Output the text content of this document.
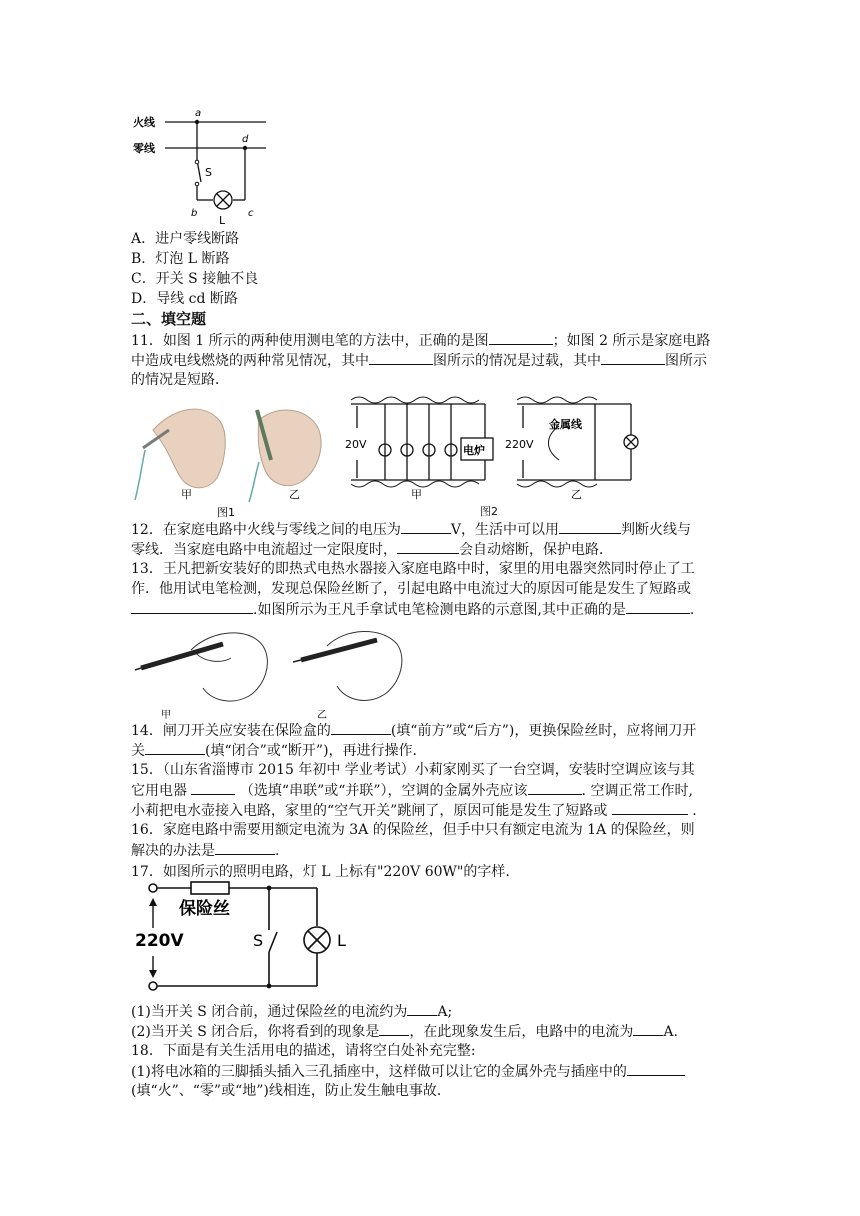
火线
零线
a
d
S
b	c
L
A．进户零线断路
B．灯泡 L 断路
C．开关 S 接触不良
D．导线 cd 断路
二、填空题
11．如图 1 所示的两种使用测电笔的方法中，正确的是图	；如图 2 所示是家庭电路
中造成电线燃烧的两种常见情况，其中	图所示的情况是过载，其中	图所示
的情况是短路．
甲	乙
图1
电炉
20V	220V
金属线
甲	乙
图2
12．在家庭电路中火线与零线之间的电压为	V，生活中可以用	判断火线与
零线．当家庭电路中电流超过一定限度时，	会自动熔断，保护电路．
13．王凡把新安装好的即热式电热水器接入家庭电路中时，家里的用电器突然同时停止了工
作．他用试电笔检测，发现总保险丝断了，引起电路中电流过大的原因可能是发生了短路或
.如图所示为王凡手拿试电笔检测电路的示意图,其中正确的是	.
甲	乙
14．闸刀开关应安装在保险盒的	(填“前方”或“后方”)，更换保险丝时，应将闸刀开
关	(填“闭合”或“断开”)，再进行操作．
15．（山东省淄博市 2015 年初中 学业考试）小莉家刚买了一台空调，安装时空调应该与其
它用电器	（选填“串联”或“并联”），空调的金属外壳应该	. 空调正常工作时,
小莉把电水壶接入电路，家里的“空气开关”跳闸了，原因可能是发生了短路或	.
16．家庭电路中需要用额定电流为 3A 的保险丝，但手中只有额定电流为 1A 的保险丝，则
解决的办法是	.
17．如图所示的照明电路，灯 L 上标有"220V 60W"的字样.
保险丝
220V	S	L
(1)当开关 S 闭合前，通过保险丝的电流约为 A;
(2)当开关 S 闭合后，你将看到的现象是 ，在此现象发生后，电路中的电流为 A.
18．下面是有关生活用电的描述，请将空白处补充完整:
(1)将电冰箱的三脚插头插入三孔插座中，这样做可以让它的金属外壳与插座中的
(填“火”、“零”或“地”)线相连，防止发生触电事故．
